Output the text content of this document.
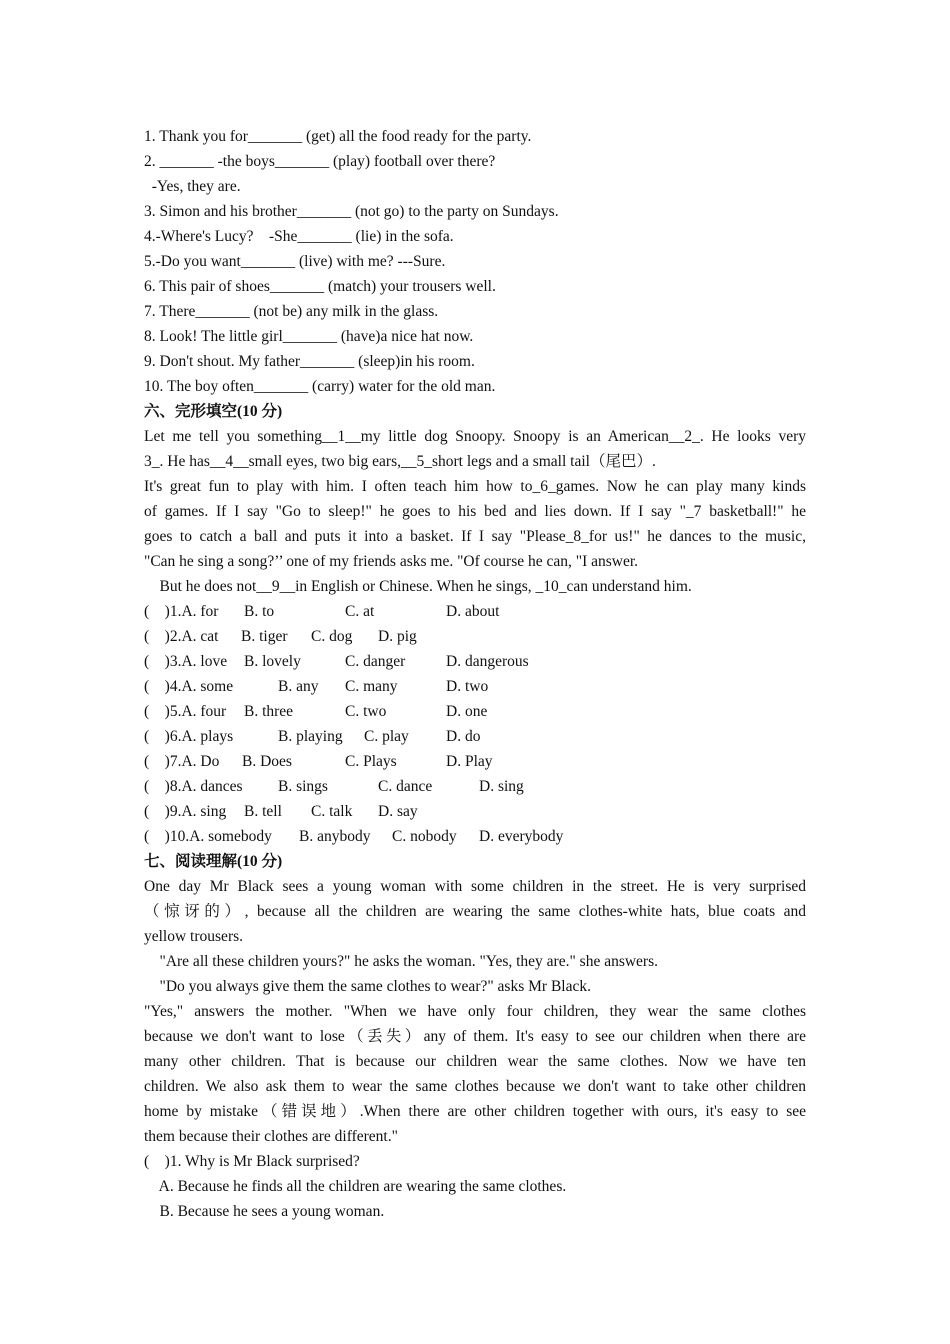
1. Thank you for_______ (get) all the food ready for the party.
2. _______ -the boys_______ (play) football over there?
-Yes, they are.
3. Simon and his brother_______ (not go) to the party on Sundays.
4.-Where's Lucy?    -She_______ (lie) in the sofa.
5.-Do you want_______ (live) with me? ---Sure.
6. This pair of shoes_______ (match) your trousers well.
7. There_______ (not be) any milk in the glass.
8. Look! The little girl_______ (have)a nice hat now.
9. Don't shout. My father_______ (sleep)in his room.
10. The boy often_______ (carry) water for the old man.
六、完形填空(10 分)
Let me tell you something__1__my little dog Snoopy. Snoopy is an American__2_. He looks very
3_. He has__4__small eyes, two big ears,__5_short legs and a small tail（尾巴）.
It's great fun to play with him. I often teach him how to_6_games. Now he can play many kinds
of games. If I say "Go to sleep!" he goes to his bed and lies down. If I say "_7 basketball!" he
goes to catch a ball and puts it into a basket. If I say "Please_8_for us!" he dances to the music,
"Can he sing a song?’’ one of my friends asks me. "Of course he can, "I answer.
But he does not__9__in English or Chinese. When he sings, _10_can understand him.
(    )1.A. for B. to	C. at	D. about
(    )2.A. cat B. tiger C. dog D. pig
(    )3.A. love B. lovely	C. danger	D. dangerous
(    )4.A. some	B. any C. many	D. two
(    )5.A. four B. three	C. two	D. one
(    )6.A. plays	B. playing C. play D. do
(    )7.A. Do B. Does	C. Plays	D. Play
(    )8.A. dances B. sings	C. dance	D. sing
(    )9.A. sing B. tell C. talk D. say
(    )10.A. somebody B. anybody C. nobody D. everybody
七、阅读理解(10 分)
One day Mr Black sees a young woman with some children in the street. He is very surprised
（惊讶的）, because all the children are wearing the same clothes-white hats, blue coats and
yellow trousers.
"Are all these children yours?" he asks the woman. "Yes, they are." she answers.
"Do you always give them the same clothes to wear?" asks Mr Black.
"Yes," answers the mother. "When we have only four children, they wear the same clothes
because we don't want to lose（丢失）any of them. It's easy to see our children when there are
many other children. That is because our children wear the same clothes. Now we have ten
children. We also ask them to wear the same clothes because we don't want to take other children
home by mistake（错误地）.When there are other children together with ours, it's easy to see
them because their clothes are different."
(    )1. Why is Mr Black surprised?
A. Because he finds all the children are wearing the same clothes.
B. Because he sees a young woman.
